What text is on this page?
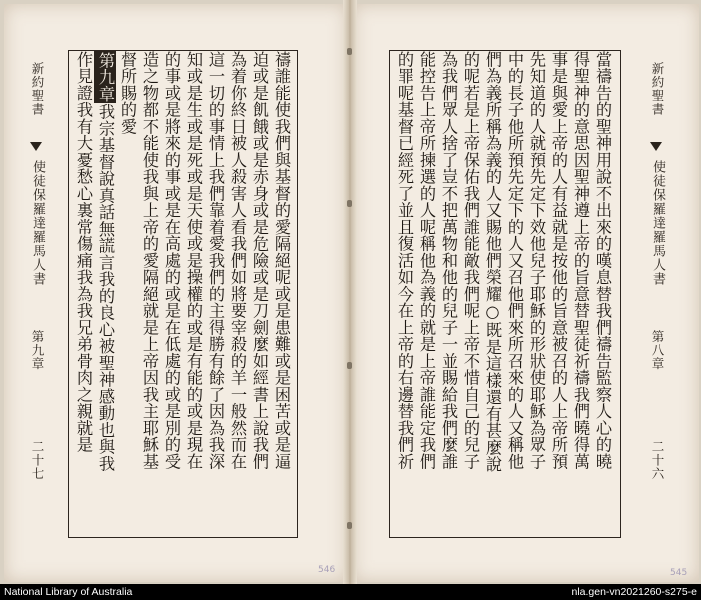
新約聖書
使徒保羅達羅馬人書
第九章
二十七
作見證我有大憂愁心裏常傷痛我為我兄弟骨肉之親就是 第九章我宗基督說真話無謊言我的良心被聖神感動也與我
督所賜的愛 造之物都不能使我與上帝的愛隔絕就是上帝因我主耶穌基 的事或是將來的事或是在高處的或是在低處的或是別的受 知或是生或是死或是天使或是操權的或是有能的或是現在 這一切的事情上我們靠着愛我們的主得勝有餘了因為我深 為着你終日被人殺害人看我們如將要宰殺的羊一般然而在 迫或是飢餓或是赤身或是危險或是刀劍麼如經書上說我們 禱誰能使我們與基督的愛隔絕呢或是患難或是困苦或是逼	的罪呢基督已經死了並且復活如今在上帝的右邊替我們祈 能控告上帝所揀選的人呢稱他為義的就是上帝誰能定我們 為我們眾人捨了豈不把萬物和他的兒子一並賜給我們麼誰 的呢若是上帝保佑我們誰能敵我們呢上帝不惜自己的兒子 們為義所稱為義的人又賜他們榮耀○既是這樣還有甚麼說 中的長子他所預先定下的人又召他們來所召來的人又稱他 先知道的人就預先定下效他兒子耶穌的形狀使耶穌為眾子 事是與愛上帝的人有益就是按他的旨意被召的人上帝所預 得聖神的意思因聖神遵上帝的旨意替聖徒祈禱我們曉得萬 當禱告的聖神用說不出來的嘆息替我們禱告監察人心的曉	新約聖書
使徒保羅達羅馬人書
第八章
二十六
546	545
National Library of Australia	nla.gen-vn2021260-s275-e
